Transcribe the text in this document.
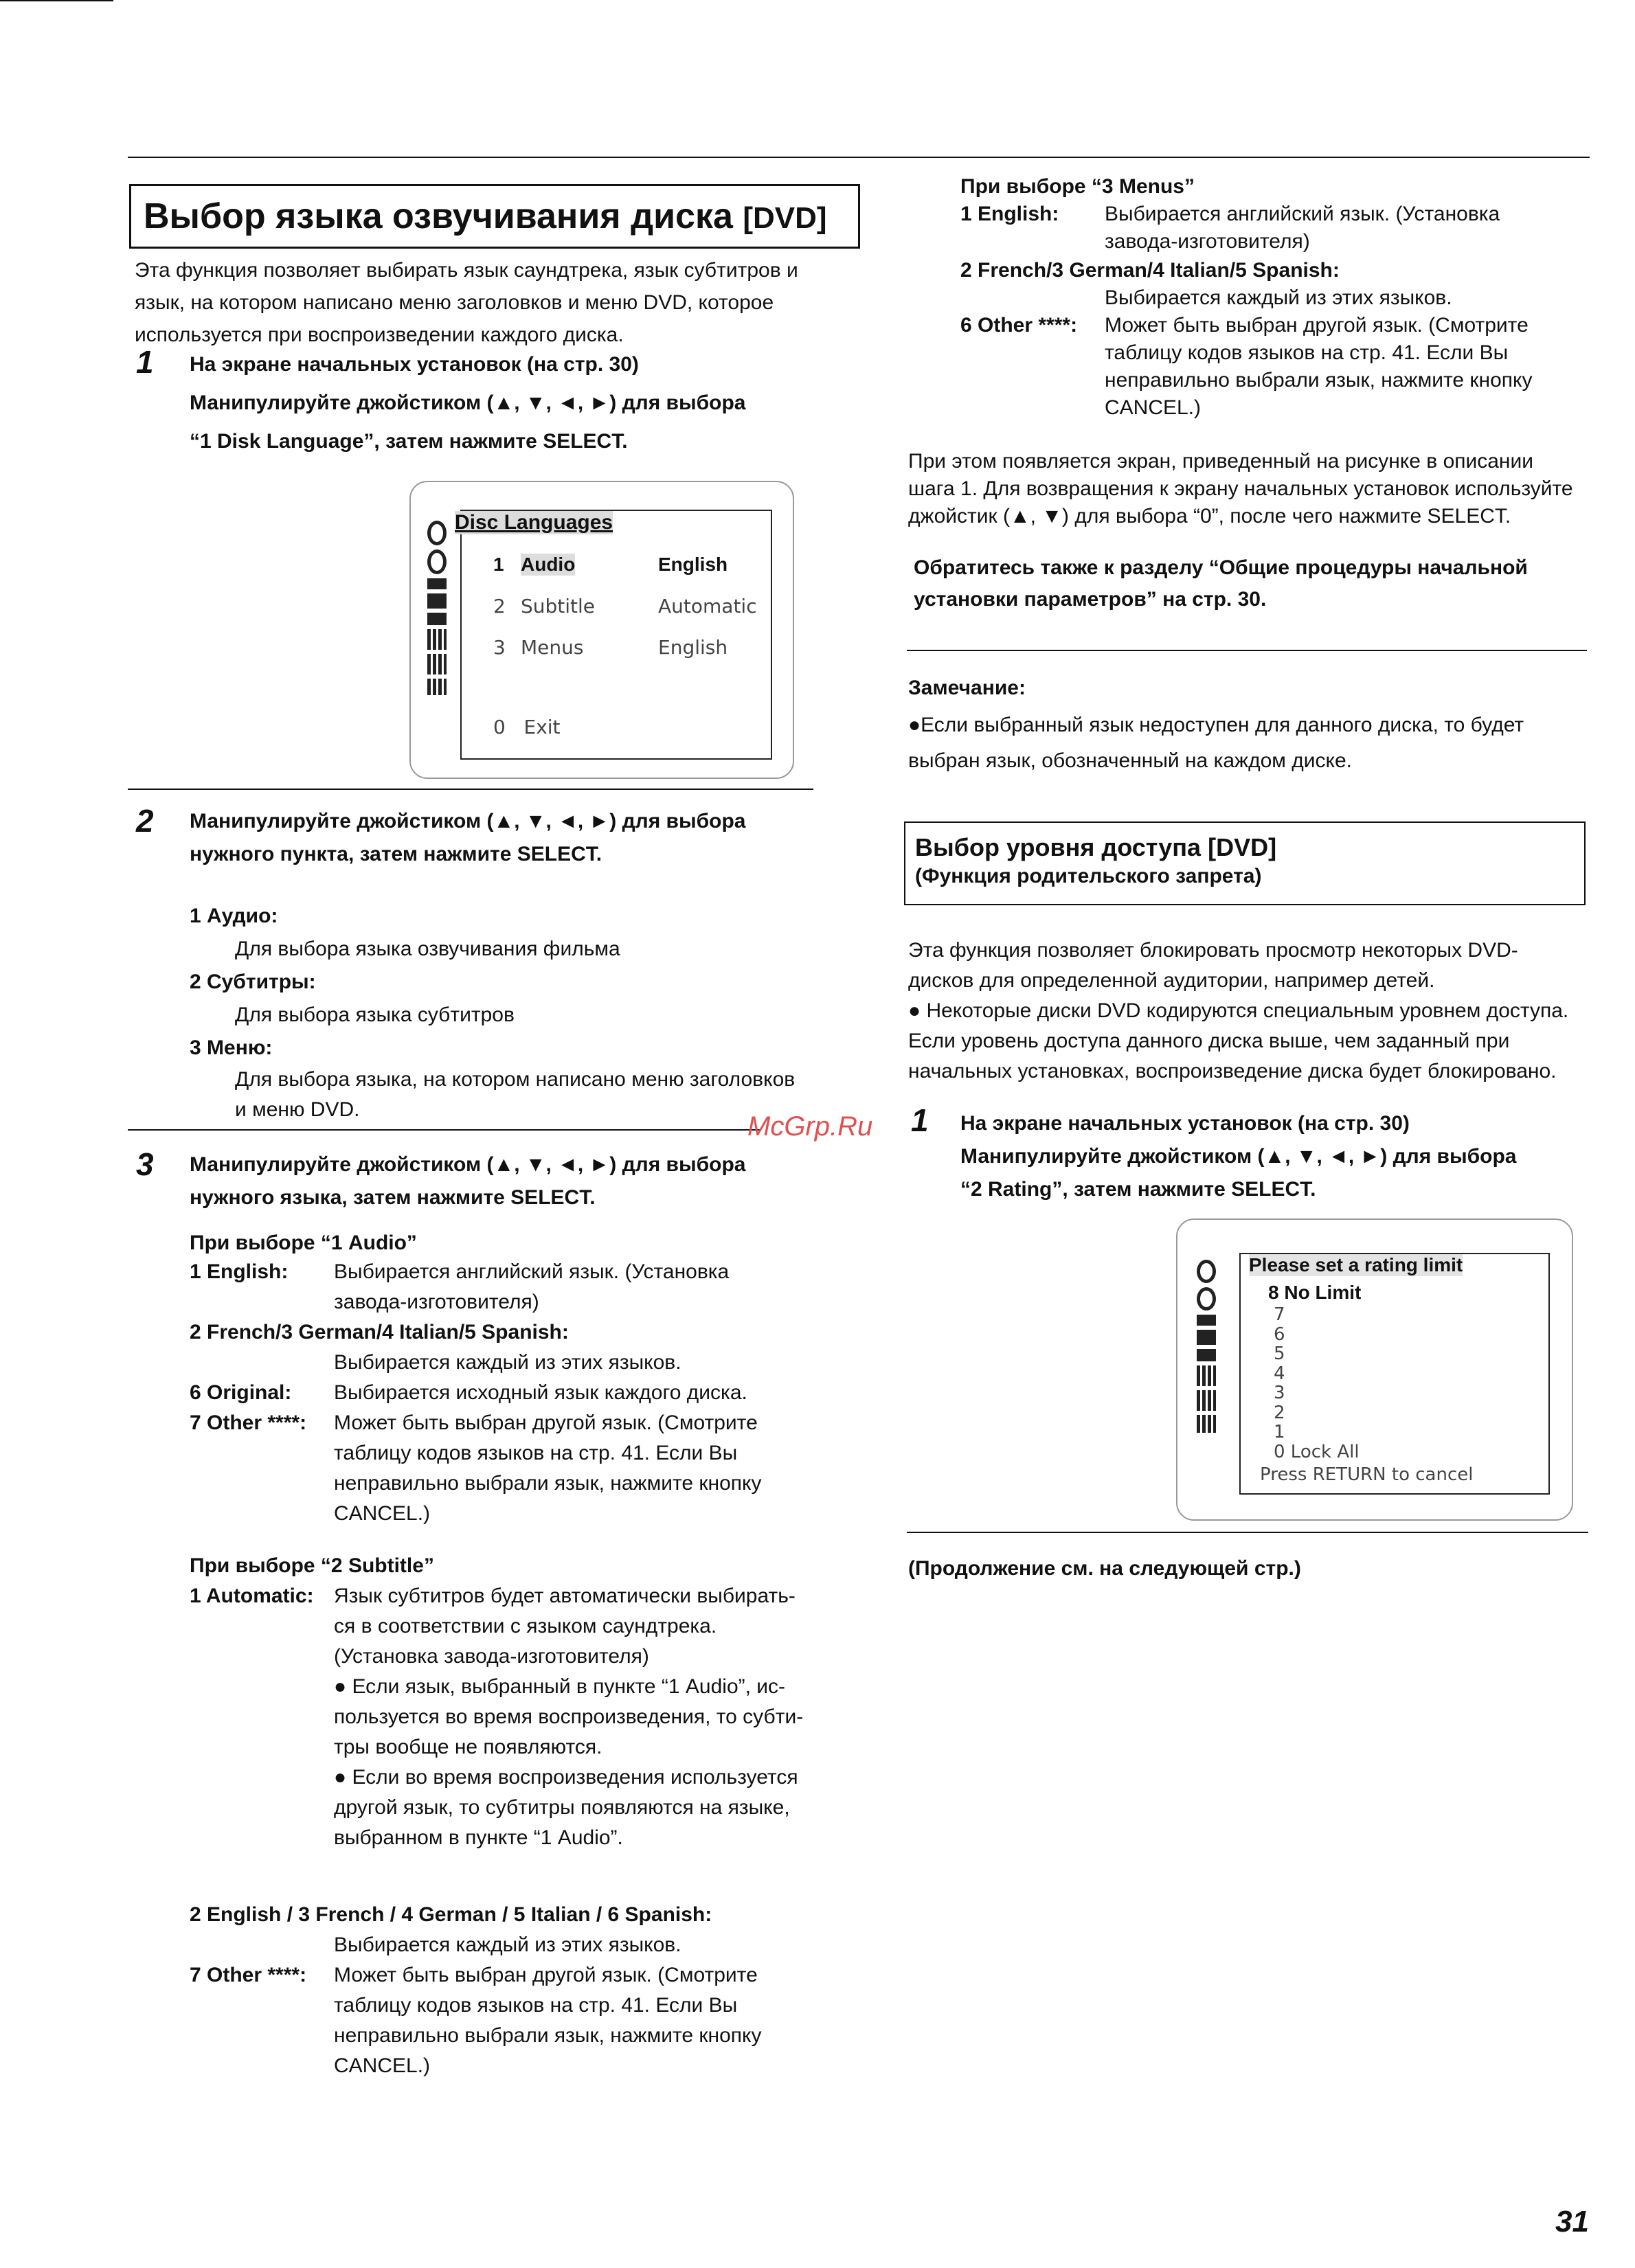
Выбор языка озвучивания диска [DVD]
Эта функция позволяет выбирать язык саундтрека, язык субтитров и
язык, на котором написано меню заголовков и меню DVD, которое
используется при воспроизведении каждого диска.
1 На экране начальных установок (на стр. 30)
Манипулируйте джойстиком (▲, ▼, ◄, ►) для выбора
“1 Disk Language”, затем нажмите SELECT.
Disc Languages
1 Audio	English
2 Subtitle	Automatic
3 Menus	English
0   Exit
2 Манипулируйте джойстиком (▲, ▼, ◄, ►) для выбора
нужного пункта, затем нажмите SELECT.
1 Аудио:
Для выбора языка озвучивания фильма
2 Субтитры:
Для выбора языка субтитров
3 Меню:
Для выбора языка, на котором написано меню заголовков
и меню DVD.
3 Манипулируйте джойстиком (▲, ▼, ◄, ►) для выбора
нужного языка, затем нажмите SELECT.
При выборе “1 Audio”
1 English: Выбирается английский язык. (Установка
завода-изготовителя)
2 French/3 German/4 Italian/5 Spanish:
Выбирается каждый из этих языков.
6 Original: Выбирается исходный язык каждого диска.
7 Other ****: Может быть выбран другой язык. (Смотрите
таблицу кодов языков на стр. 41. Если Вы
неправильно выбрали язык, нажмите кнопку
CANCEL.)
При выборе “2 Subtitle”
1 Automatic: Язык субтитров будет автоматически выбирать-
ся в соответствии с языком саундтрека.
(Установка завода-изготовителя)
● Если язык, выбранный в пункте “1 Audio”, ис-
пользуется во время воспроизведения, то субти-
тры вообще не появляются.
● Если во время воспроизведения используется
другой язык, то субтитры появляются на языке,
выбранном в пункте “1 Audio”.
2 English / 3 French / 4 German / 5 Italian / 6 Spanish:
Выбирается каждый из этих языков.
7 Other ****: Может быть выбран другой язык. (Смотрите
таблицу кодов языков на стр. 41. Если Вы
неправильно выбрали язык, нажмите кнопку
CANCEL.)
При выборе “3 Menus”
1 English: Выбирается английский язык. (Установка
завода-изготовителя)
2 French/3 German/4 Italian/5 Spanish:
Выбирается каждый из этих языков.
6 Other ****: Может быть выбран другой язык. (Смотрите
таблицу кодов языков на стр. 41. Если Вы
неправильно выбрали язык, нажмите кнопку
CANCEL.)
При этом появляется экран, приведенный на рисунке в описании
шага 1. Для возвращения к экрану начальных установок используйте
джойстик (▲, ▼) для выбора “0”, после чего нажмите SELECT.
Обратитесь также к разделу “Общие процедуры начальной
установки параметров” на стр. 30.
Замечание:
●Если выбранный язык недоступен для данного диска, то будет
выбран язык, обозначенный на каждом диске.
Выбор уровня доступа [DVD]
(Функция родительского запрета)
Эта функция позволяет блокировать просмотр некоторых DVD-
дисков для определенной аудитории, например детей.
● Некоторые диски DVD кодируются специальным уровнем доступа.
Если уровень доступа данного диска выше, чем заданный при
начальных установках, воспроизведение диска будет блокировано.
McGrp.Ru 1 На экране начальных установок (на стр. 30)
Манипулируйте джойстиком (▲, ▼, ◄, ►) для выбора
“2 Rating”, затем нажмите SELECT.
Please set a rating limit
8 No Limit
7
6
5
4
3
2
1
0 Lock All
Press RETURN to cancel
(Продолжение см. на следующей стр.)
31
